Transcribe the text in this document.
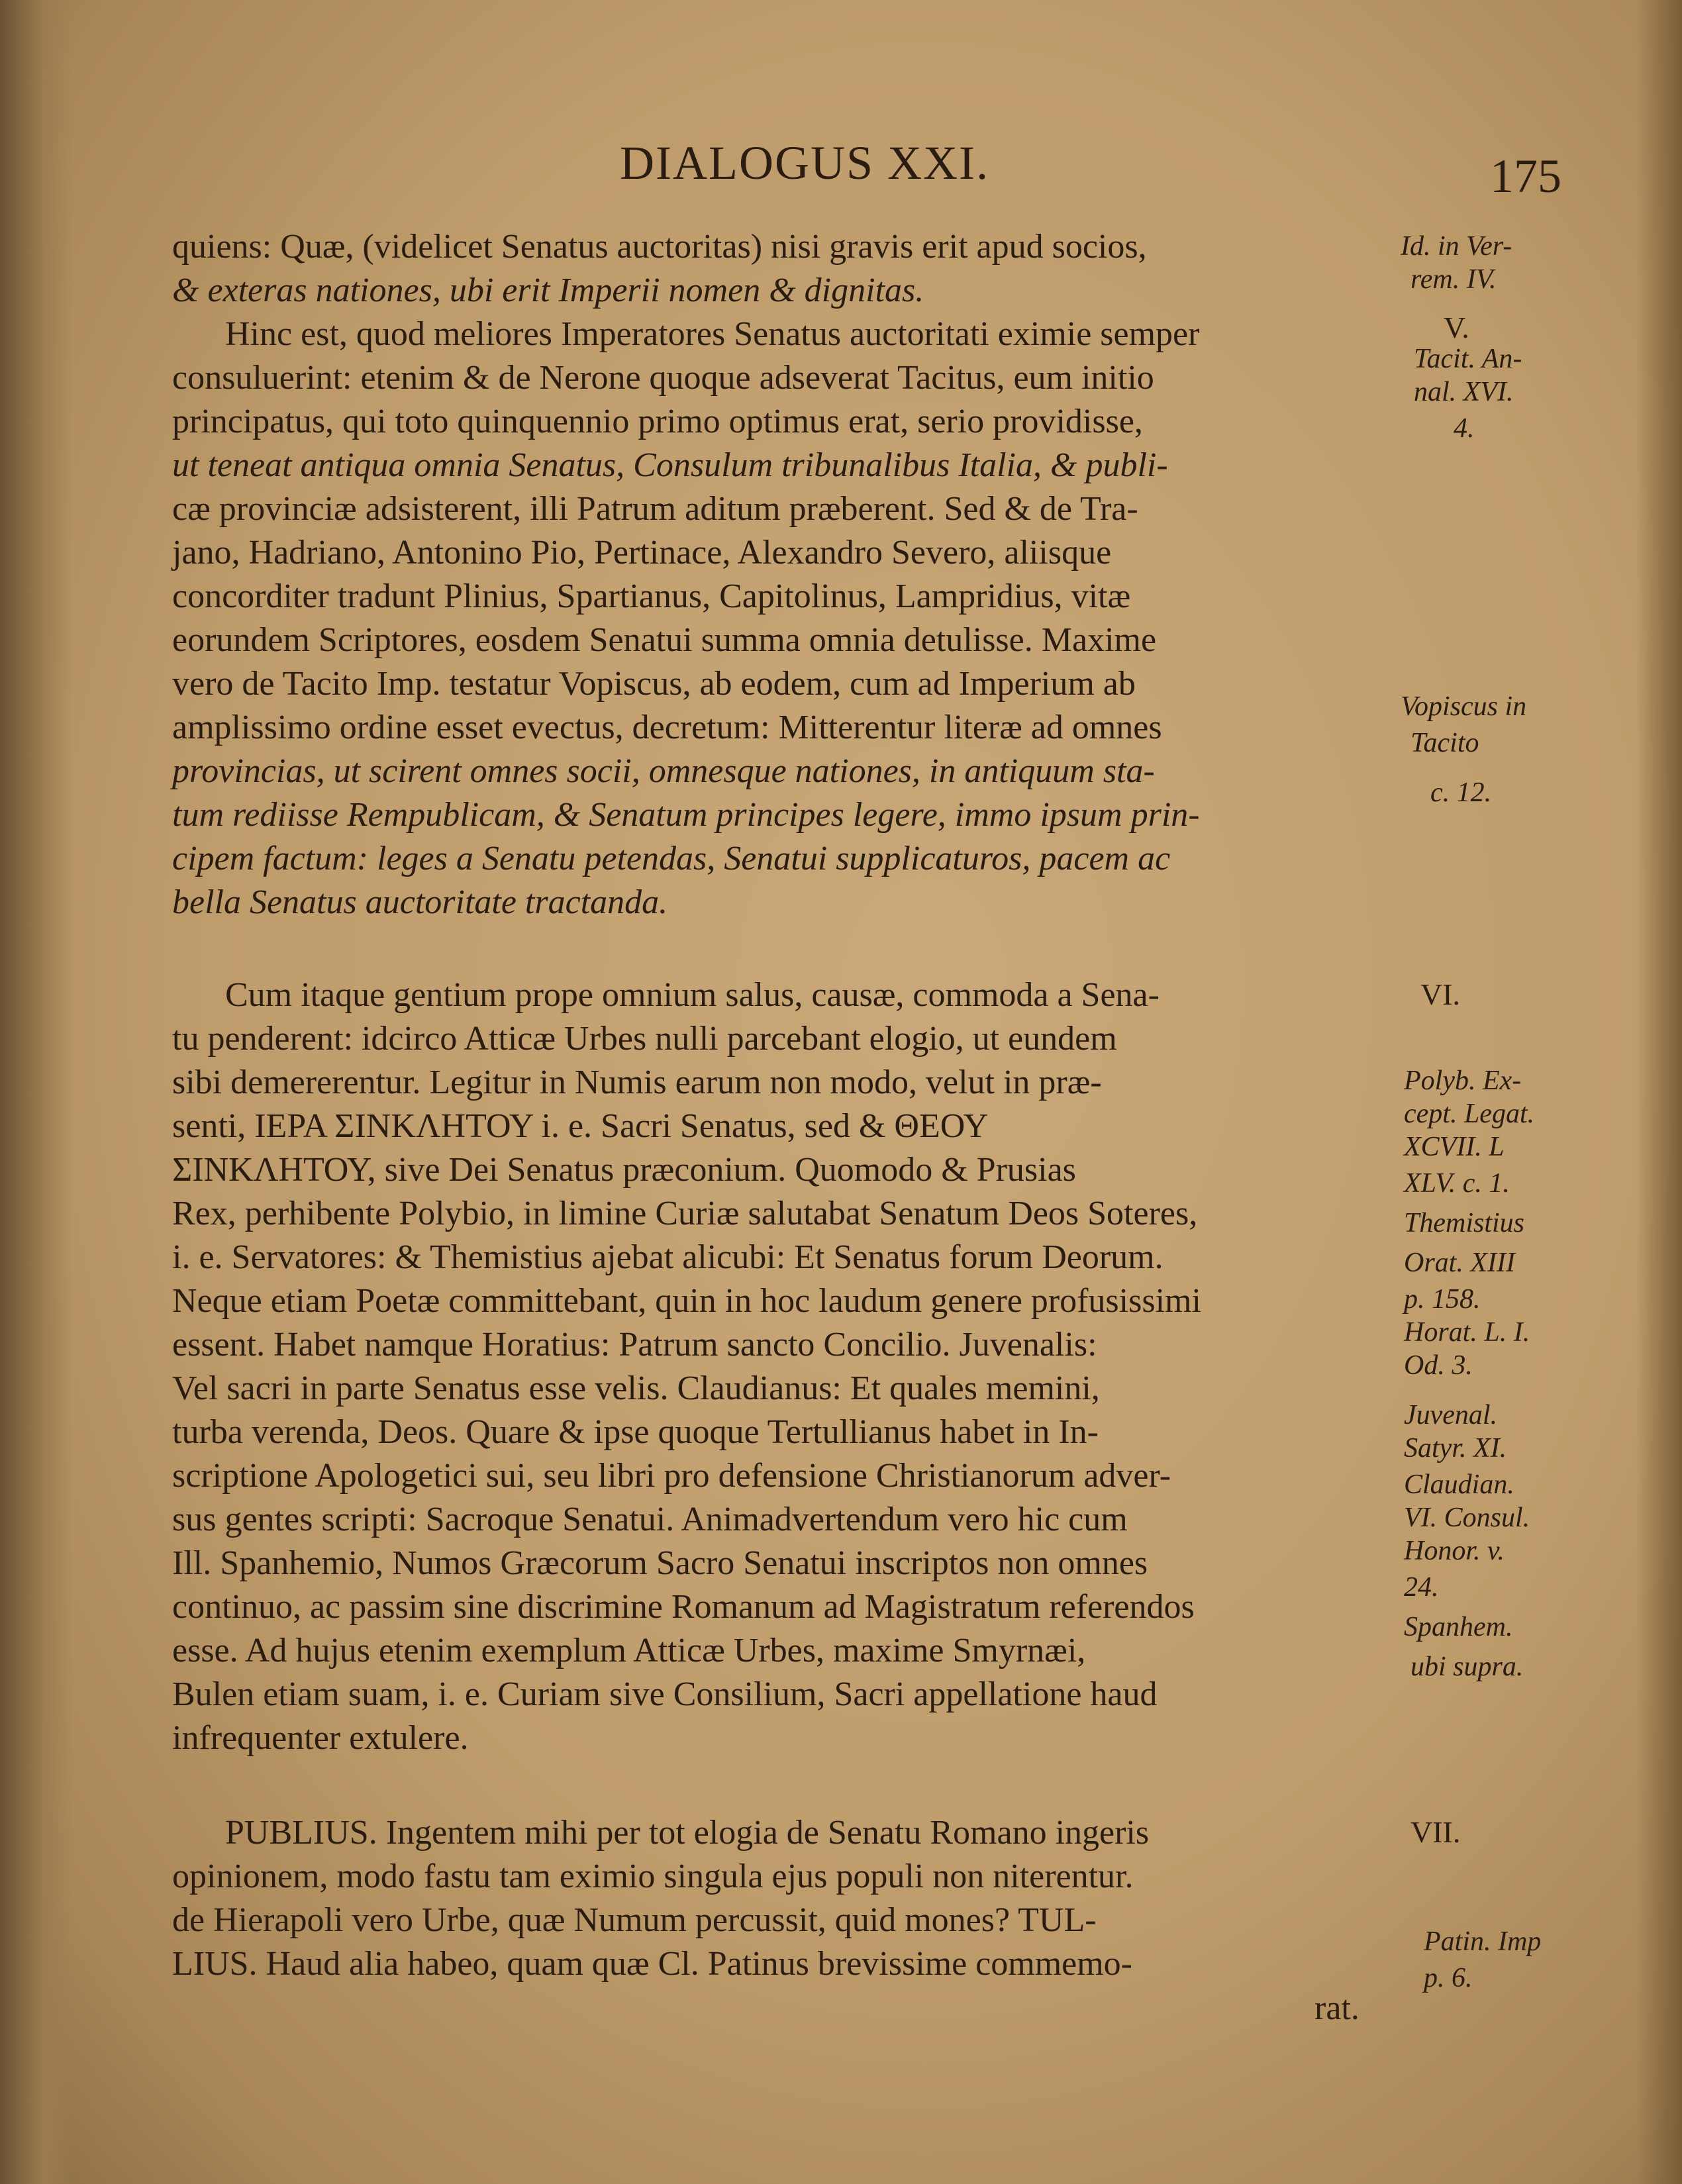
DIALOGUS XXI.	175
quiens: Quæ, (videlicet Senatus auctoritas) nisi gravis erit apud socios,
& exteras nationes, ubi erit Imperii nomen & dignitas.
Hinc est, quod meliores Imperatores Senatus auctoritati eximie semper
consuluerint: etenim & de Nerone quoque adseverat Tacitus, eum initio
principatus, qui toto quinquennio primo optimus erat, serio providisse,
ut teneat antiqua omnia Senatus, Consulum tribunalibus Italia, & publi-
cæ provinciæ adsisterent, illi Patrum aditum præberent. Sed & de Tra-
jano, Hadriano, Antonino Pio, Pertinace, Alexandro Severo, aliisque
concorditer tradunt Plinius, Spartianus, Capitolinus, Lampridius, vitæ
eorundem Scriptores, eosdem Senatui summa omnia detulisse. Maxime
vero de Tacito Imp. testatur Vopiscus, ab eodem, cum ad Imperium ab
amplissimo ordine esset evectus, decretum: Mitterentur literæ ad omnes
provincias, ut scirent omnes socii, omnesque nationes, in antiquum sta-
tum rediisse Rempublicam, & Senatum principes legere, immo ipsum prin-
cipem factum: leges a Senatu petendas, Senatui supplicaturos, pacem ac
bella Senatus auctoritate tractanda.
Cum itaque gentium prope omnium salus, causæ, commoda a Sena-
tu penderent: idcirco Atticæ Urbes nulli parcebant elogio, ut eundem
sibi demererentur. Legitur in Numis earum non modo, velut in præ-
senti, ΙΕΡΑ ΣΙΝΚΛΗΤΟΥ i. e. Sacri Senatus, sed & ΘΕΟΥ
ΣΙΝΚΛΗΤΟΥ, sive Dei Senatus præconium. Quomodo & Prusias
Rex, perhibente Polybio, in limine Curiæ salutabat Senatum Deos Soteres,
i. e. Servatores: & Themistius ajebat alicubi: Et Senatus forum Deorum.
Neque etiam Poetæ committebant, quin in hoc laudum genere profusissimi
essent. Habet namque Horatius: Patrum sancto Concilio. Juvenalis:
Vel sacri in parte Senatus esse velis. Claudianus: Et quales memini,
turba verenda, Deos. Quare & ipse quoque Tertullianus habet in In-
scriptione Apologetici sui, seu libri pro defensione Christianorum adver-
sus gentes scripti: Sacroque Senatui. Animadvertendum vero hic cum
Ill. Spanhemio, Numos Græcorum Sacro Senatui inscriptos non omnes
continuo, ac passim sine discrimine Romanum ad Magistratum referendos
esse. Ad hujus etenim exemplum Atticæ Urbes, maxime Smyrnæi,
Bulen etiam suam, i. e. Curiam sive Consilium, Sacri appellatione haud
infrequenter extulere.
PUBLIUS. Ingentem mihi per tot elogia de Senatu Romano ingeris
opinionem, modo fastu tam eximio singula ejus populi non niterentur.
de Hierapoli vero Urbe, quæ Numum percussit, quid mones? TUL-
LIUS. Haud alia habeo, quam quæ Cl. Patinus brevissime commemo-
rat.
Id. in Ver-
rem. IV.
V.
Tacit. An-
nal. XVI.
4.
Vopiscus in
Tacito
c. 12.
VI.
Polyb. Ex-
cept. Legat.
XCVII. L
XLV. c. 1.
Themistius
Orat. XIII
p. 158.
Horat. L. I.
Od. 3.
Juvenal.
Satyr. XI.
Claudian.
VI. Consul.
Honor. v.
24.
Spanhem.
ubi supra.
VII.
Patin. Imp
p. 6.
